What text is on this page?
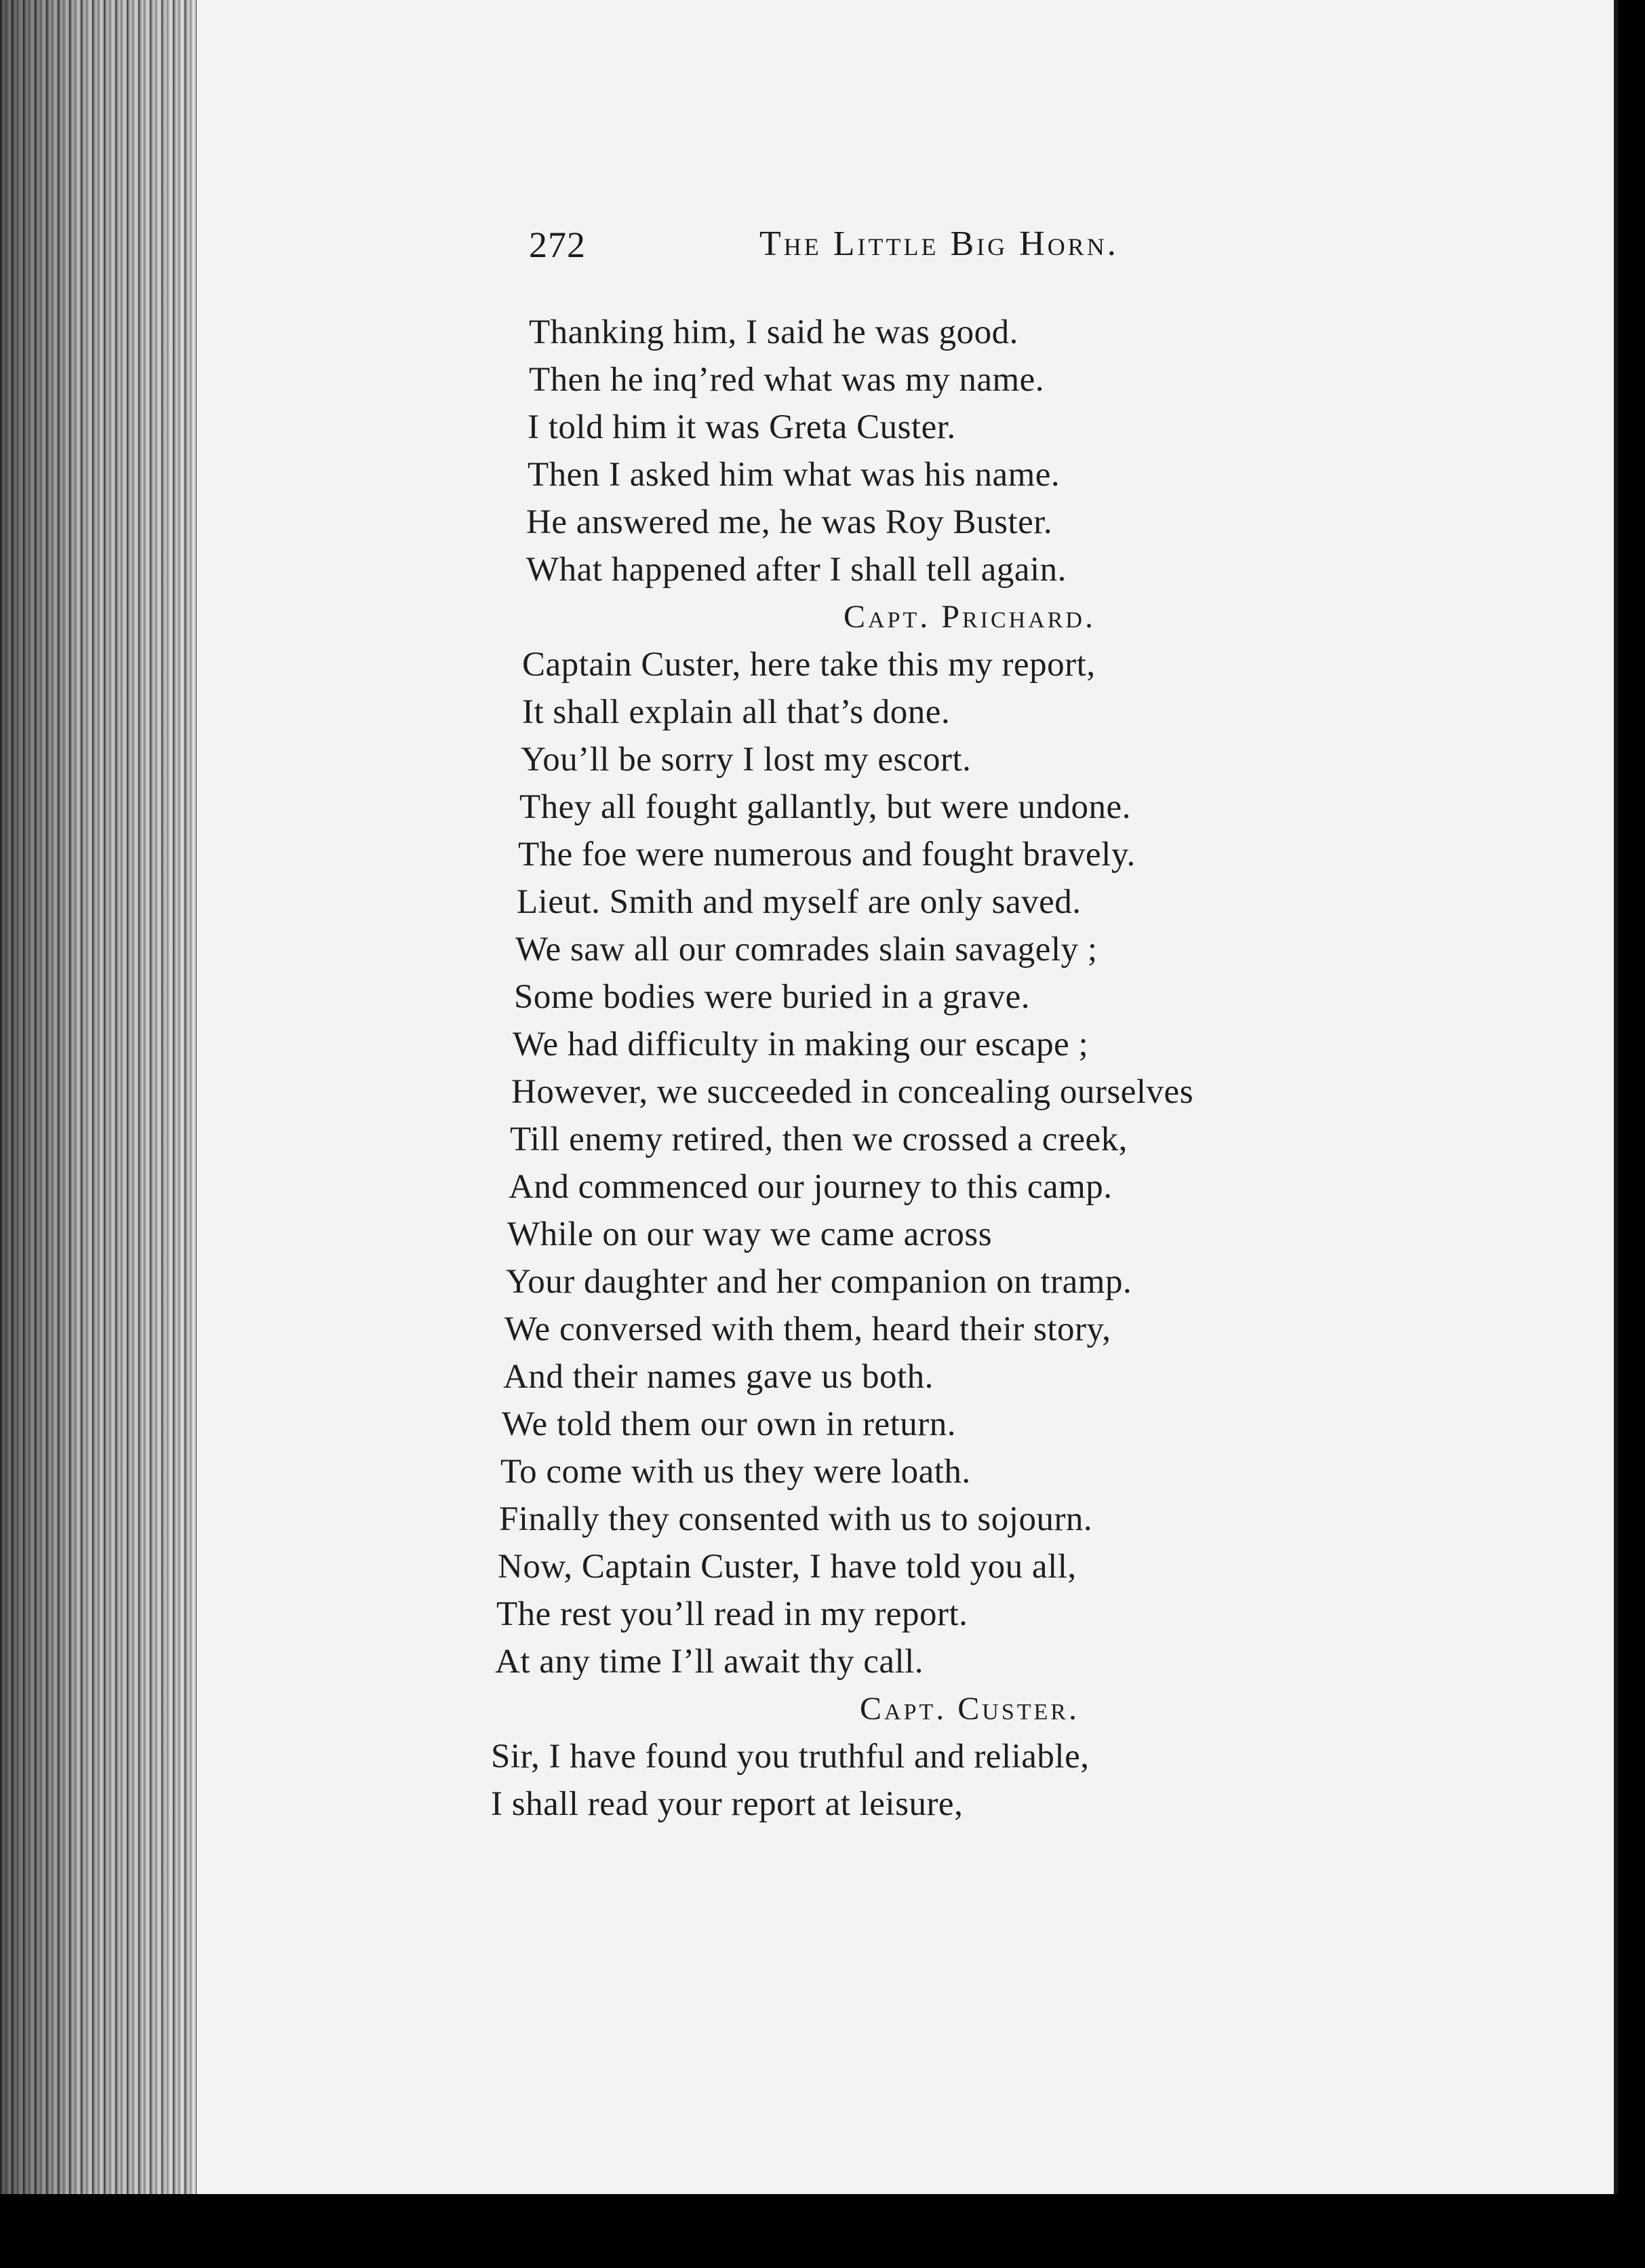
272	The Little Big Horn.
Thanking him, I said he was good.
Then he inq’red what was my name.
I told him it was Greta Custer.
Then I asked him what was his name.
He answered me, he was Roy Buster.
What happened after I shall tell again.
Capt. Prichard.
Captain Custer, here take this my report,
It shall explain all that’s done.
You’ll be sorry I lost my escort.
They all fought gallantly, but were undone.
The foe were numerous and fought bravely.
Lieut. Smith and myself are only saved.
We saw all our comrades slain savagely ;
Some bodies were buried in a grave.
We had difficulty in making our escape ;
However, we succeeded in concealing ourselves
Till enemy retired, then we crossed a creek,
And commenced our journey to this camp.
While on our way we came across
Your daughter and her companion on tramp.
We conversed with them, heard their story,
And their names gave us both.
We told them our own in return.
To come with us they were loath.
Finally they consented with us to sojourn.
Now, Captain Custer, I have told you all,
The rest you’ll read in my report.
At any time I’ll await thy call.
Capt. Custer.
Sir, I have found you truthful and reliable,
I shall read your report at leisure,
